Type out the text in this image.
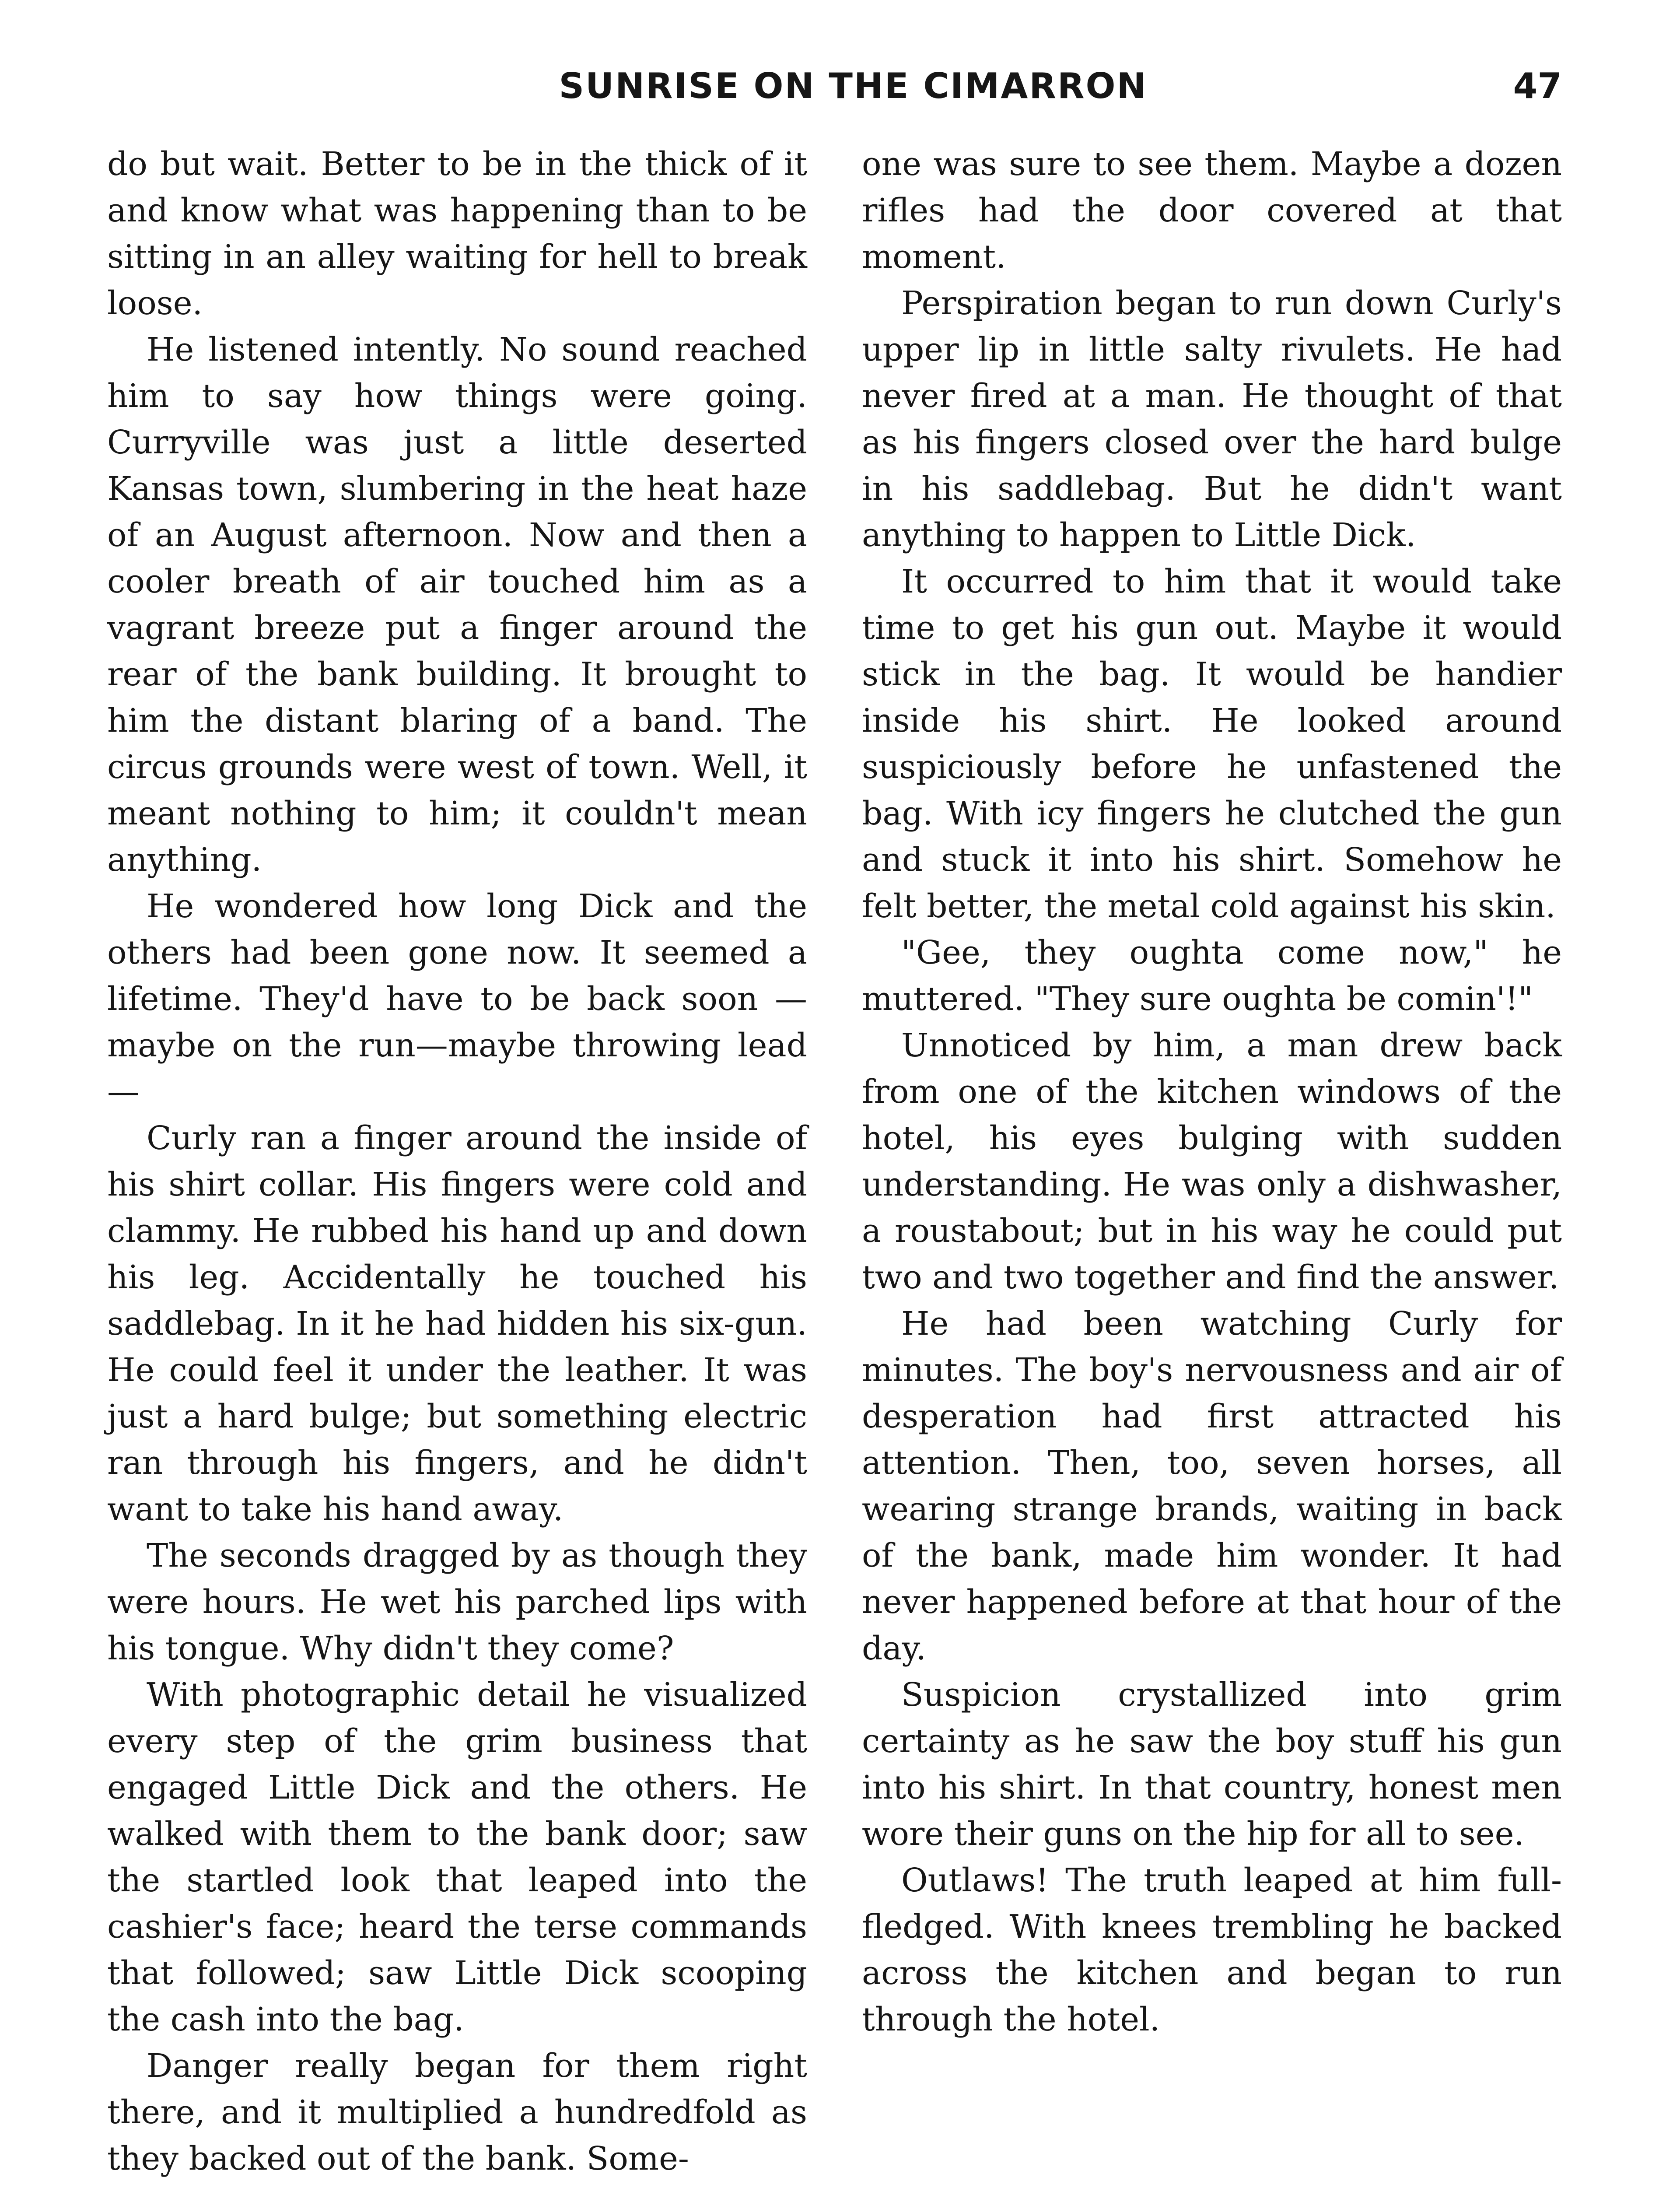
SUNRISE ON THE CIMARRON	47

do but wait. Better to be in the thick of it and know what was happening than to be sitting in an alley waiting for hell to break loose.

He listened intently. No sound reached him to say how things were going. Curryville was just a little deserted Kansas town, slumbering in the heat haze of an August afternoon. Now and then a cooler breath of air touched him as a vagrant breeze put a finger around the rear of the bank building. It brought to him the distant blaring of a band. The circus grounds were west of town. Well, it meant nothing to him; it couldn't mean anything.

He wondered how long Dick and the others had been gone now. It seemed a lifetime. They'd have to be back soon —maybe on the run—maybe throwing lead—

Curly ran a finger around the inside of his shirt collar. His fingers were cold and clammy. He rubbed his hand up and down his leg. Accidentally he touched his saddlebag. In it he had hidden his six-gun. He could feel it under the leather. It was just a hard bulge; but something electric ran through his fingers, and he didn't want to take his hand away.

The seconds dragged by as though they were hours. He wet his parched lips with his tongue. Why didn't they come?

With photographic detail he visualized every step of the grim business that engaged Little Dick and the others. He walked with them to the bank door; saw the startled look that leaped into the cashier's face; heard the terse commands that followed; saw Little Dick scooping the cash into the bag.

Danger really began for them right there, and it multiplied a hundredfold as they backed out of the bank. Some-

one was sure to see them. Maybe a dozen rifles had the door covered at that moment.

Perspiration began to run down Curly's upper lip in little salty rivulets. He had never fired at a man. He thought of that as his fingers closed over the hard bulge in his saddlebag. But he didn't want anything to happen to Little Dick.

It occurred to him that it would take time to get his gun out. Maybe it would stick in the bag. It would be handier inside his shirt. He looked around suspiciously before he unfastened the bag. With icy fingers he clutched the gun and stuck it into his shirt. Somehow he felt better, the metal cold against his skin.

"Gee, they oughta come now," he muttered. "They sure oughta be comin'!"

Unnoticed by him, a man drew back from one of the kitchen windows of the hotel, his eyes bulging with sudden understanding. He was only a dishwasher, a roustabout; but in his way he could put two and two together and find the answer.

He had been watching Curly for minutes. The boy's nervousness and air of desperation had first attracted his attention. Then, too, seven horses, all wearing strange brands, waiting in back of the bank, made him wonder. It had never happened before at that hour of the day.

Suspicion crystallized into grim certainty as he saw the boy stuff his gun into his shirt. In that country, honest men wore their guns on the hip for all to see.

Outlaws! The truth leaped at him full-fledged. With knees trembling he backed across the kitchen and began to run through the hotel.
